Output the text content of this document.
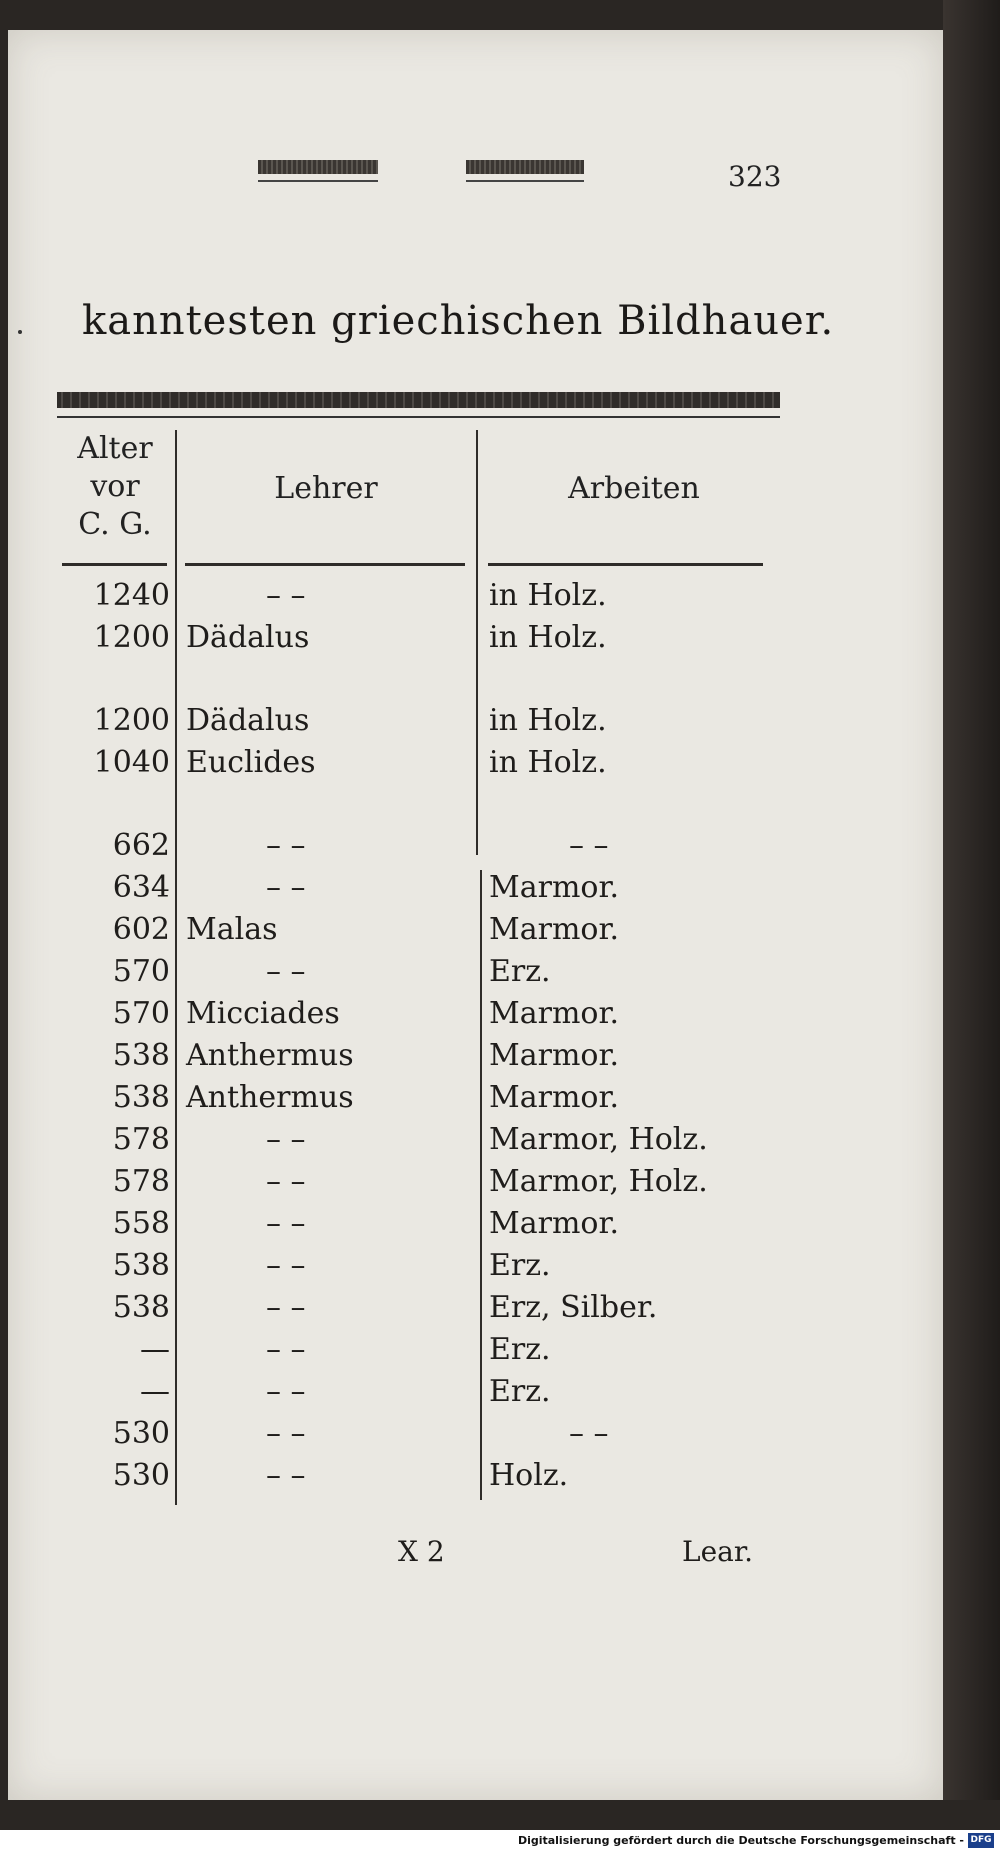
323
kanntesten griechischen Bildhauer.
Alter
vor
C. G.
Lehrer	Arbeiten
1240	– –	in Holz.
1200 Dädalus	in Holz.
1200 Dädalus	in Holz.
1040 Euclides	in Holz.
662	– –	– –
634	– –	Marmor.
602 Malas	Marmor.
570	– –	Erz.
570 Micciades	Marmor.
538 Anthermus	Marmor.
538 Anthermus	Marmor.
578	– –	Marmor, Holz.
578	– –	Marmor, Holz.
558	– –	Marmor.
538	– –	Erz.
538	– –	Erz, Silber.
—	– –	Erz.
—	– –	Erz.
530	– –	– –
530	– –	Holz.
X 2	Lear.
Digitalisierung gefördert durch die Deutsche Forschungsgemeinschaft - DFG
